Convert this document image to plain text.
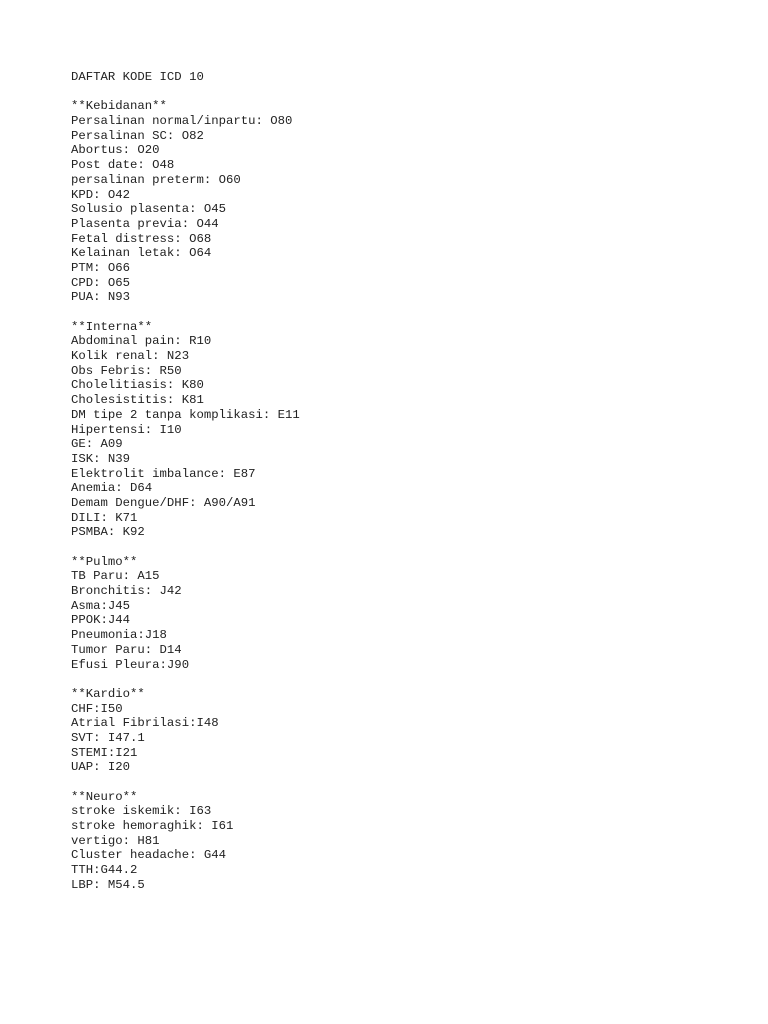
DAFTAR KODE ICD 10
**Kebidanan**
Persalinan normal/inpartu: O80
Persalinan SC: O82
Abortus: O20
Post date: O48
persalinan preterm: O60
KPD: O42
Solusio plasenta: O45
Plasenta previa: O44
Fetal distress: O68
Kelainan letak: O64
PTM: O66
CPD: O65
PUA: N93
**Interna**
Abdominal pain: R10
Kolik renal: N23
Obs Febris: R50
Cholelitiasis: K80
Cholesistitis: K81
DM tipe 2 tanpa komplikasi: E11
Hipertensi: I10
GE: A09
ISK: N39
Elektrolit imbalance: E87
Anemia: D64
Demam Dengue/DHF: A90/A91
DILI: K71
PSMBA: K92
**Pulmo**
TB Paru: A15
Bronchitis: J42
Asma:J45
PPOK:J44
Pneumonia:J18
Tumor Paru: D14
Efusi Pleura:J90
**Kardio**
CHF:I50
Atrial Fibrilasi:I48
SVT: I47.1
STEMI:I21
UAP: I20
**Neuro**
stroke iskemik: I63
stroke hemoraghik: I61
vertigo: H81
Cluster headache: G44
TTH:G44.2
LBP: M54.5
